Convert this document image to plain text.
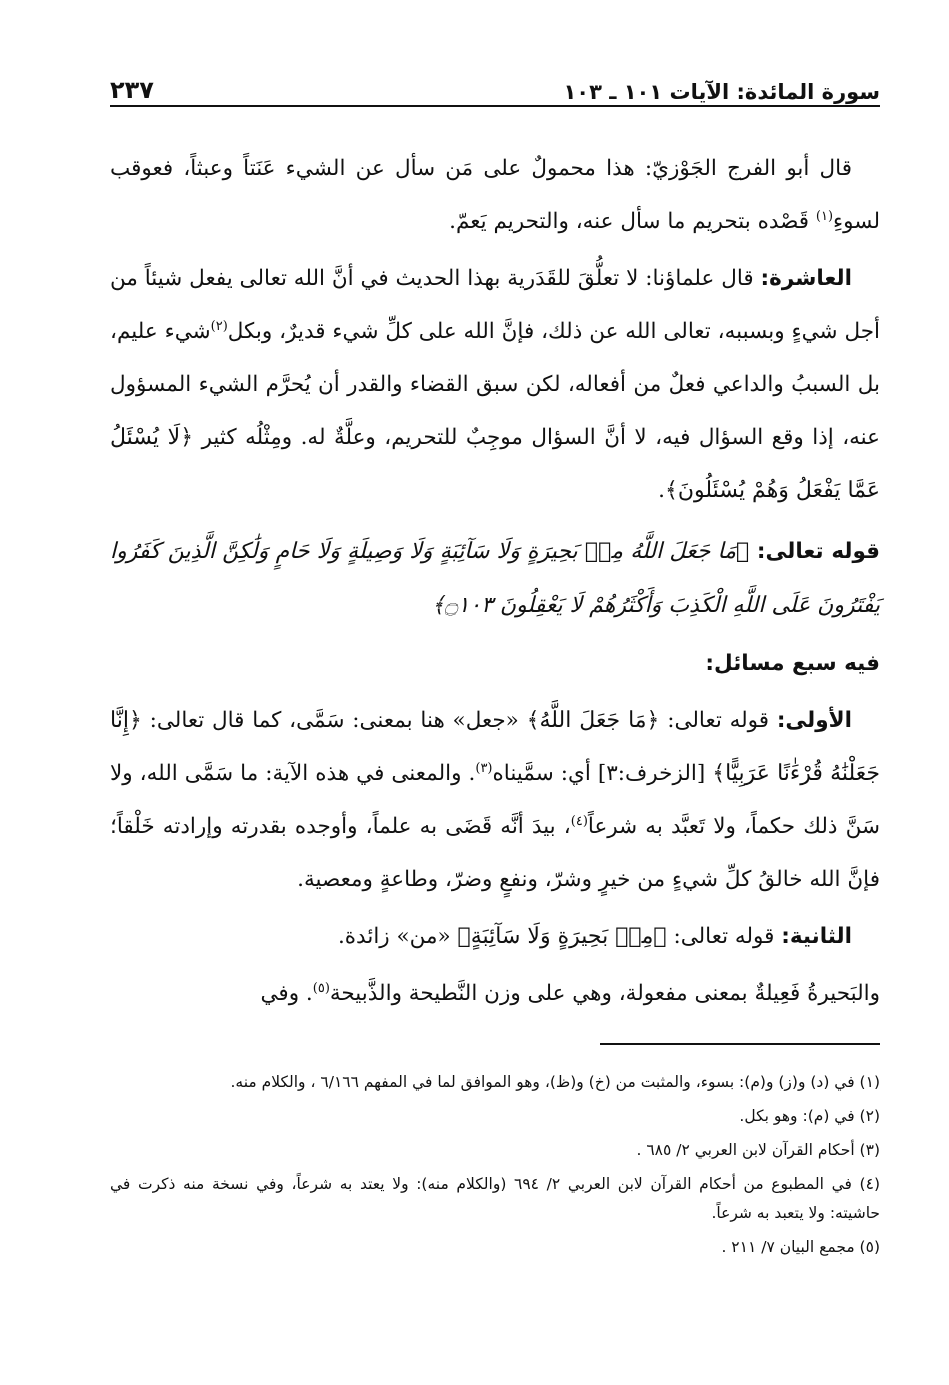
سورة المائدة: الآيات ١٠١ ـ ١٠٣
٢٣٧

قال أبو الفرج الجَوْزيّ: هذا محمولٌ على مَن سأل عن الشيء عَنَتاً وعبثاً، فعوقب لسوءِ$^{(١)}$ قَصْده بتحريم ما سأل عنه، والتحريم يَعمّ.

العاشرة: قال علماؤنا: لا تعلُّقَ للقَدَرية بهذا الحديث في أنَّ الله تعالى يفعل شيئاً من أجل شيءٍ وبسببه، تعالى الله عن ذلك، فإنَّ الله على كلِّ شيء قديرٌ، وبكل$^{(٢)}$شيء عليم، بل السببُ والداعي فعلٌ من أفعاله، لكن سبق القضاء والقدر أن يُحرَّم الشيء المسؤول عنه، إذا وقع السؤال فيه، لا أنَّ السؤال موجِبٌ للتحريم، وعلَّةٌ له. ومِثْلُه كثير ﴿لَا يُسْئَلُ عَمَّا يَفْعَلُ وَهُمْ يُسْئَلُونَ﴾.

قوله تعالى: ﴿مَا جَعَلَ اللَّهُ مِنۢ بَحِيرَةٍ وَلَا سَآئِبَةٍ وَلَا وَصِيلَةٍ وَلَا حَامٍ وَلَٰكِنَّ الَّذِينَ كَفَرُوا يَفْتَرُونَ عَلَى اللَّهِ الْكَذِبَ وَأَكْثَرُهُمْ لَا يَعْقِلُونَ ۝١٠٣﴾

فيه سبع مسائل:

الأولى: قوله تعالى: ﴿مَا جَعَلَ اللَّهُ﴾ «جعل» هنا بمعنى: سَمَّى، كما قال تعالى: ﴿إِنَّا جَعَلْنَٰهُ قُرْءَٰنًا عَرَبِيًّا﴾ [الزخرف:٣] أي: سمَّيناه$^{(٣)}$. والمعنى في هذه الآية: ما سَمَّى الله، ولا سَنَّ ذلك حكماً، ولا تَعبَّد به شرعاً$^{(٤)}$، بيدَ أنَّه قَضَى به علماً، وأوجده بقدرته وإرادته خَلْقاً؛ فإنَّ الله خالقُ كلِّ شيءٍ من خيرٍ وشرّ، ونفعٍ وضرّ، وطاعةٍ ومعصية.

الثانية: قوله تعالى: ﴿مِنۢ بَحِيرَةٍ وَلَا سَآئِبَةٍ﴾ «من» زائدة.

والبَحيرةُ فَعِيلةٌ بمعنى مفعولة، وهي على وزن النَّطيحة والذَّبيحة$^{(٥)}$. وفي

(١) في (د) و(ز) و(م): بسوء، والمثبت من (خ) و(ظ)، وهو الموافق لما في المفهم ٦/١٦٦ ، والكلام منه.

(٢) في (م): وهو بكل.

(٣) أحكام القرآن لابن العربي ٢/ ٦٨٥ .

(٤) في المطبوع من أحكام القرآن لابن العربي ٢/ ٦٩٤ (والكلام منه): ولا يعتد به شرعاً، وفي نسخة منه ذكرت في حاشيته: ولا يتعبد به شرعاً.

(٥) مجمع البيان ٧/ ٢١١ .
